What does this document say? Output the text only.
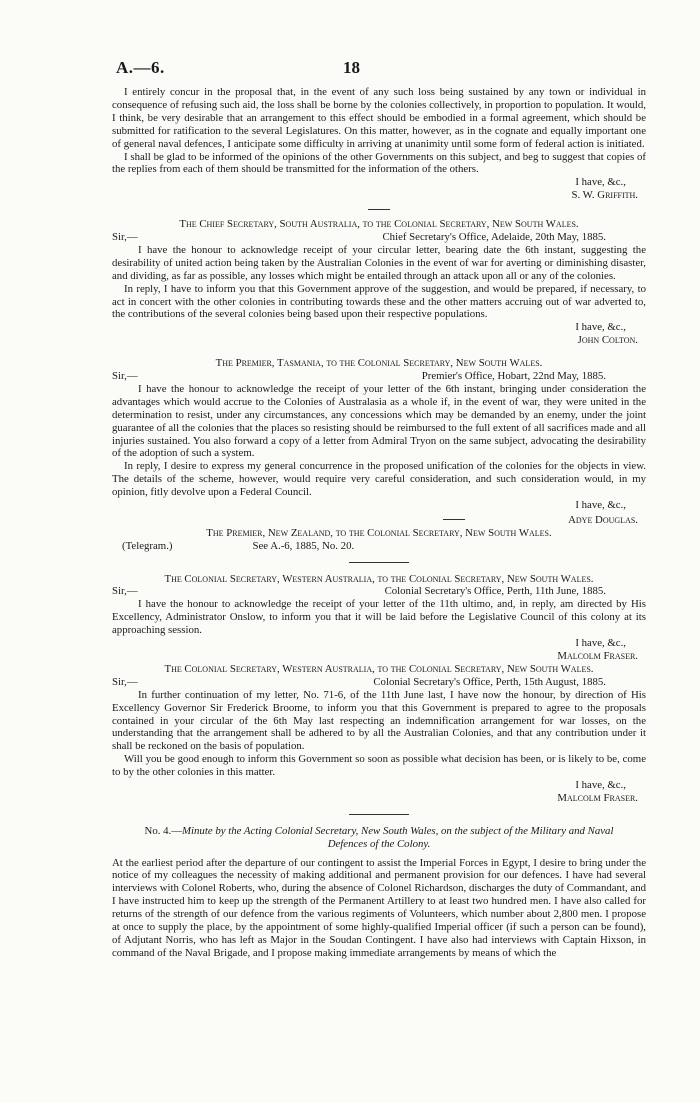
A.—6.	18

I entirely concur in the proposal that, in the event of any such loss being sustained by any town or individual in consequence of refusing such aid, the loss shall be borne by the colonies collectively, in proportion to population. It would, I think, be very desirable that an arrangement to this effect should be embodied in a formal agreement, which should be submitted for ratification to the several Legislatures. On this matter, however, as in the cognate and equally important one of general naval defences, I anticipate some difficulty in arriving at unanimity until some form of federal action is initiated.

I shall be glad to be informed of the opinions of the other Governments on this subject, and beg to suggest that copies of the replies from each of them should be transmitted for the information of the others.

I have, &c.,

S. W. Griffith.

The Chief Secretary, South Australia, to the Colonial Secretary, New South Wales.

Sir,—	Chief Secretary's Office, Adelaide, 20th May, 1885.

I have the honour to acknowledge receipt of your circular letter, bearing date the 6th instant, suggesting the desirability of united action being taken by the Australian Colonies in the event of war for averting or diminishing disaster, and dividing, as far as possible, any losses which might be entailed through an attack upon all or any of the colonies.

In reply, I have to inform you that this Government approve of the suggestion, and would be prepared, if necessary, to act in concert with the other colonies in contributing towards these and the other matters accruing out of war adverted to, the contributions of the several colonies being based upon their respective populations.

I have, &c.,

John Colton.

The Premier, Tasmania, to the Colonial Secretary, New South Wales.

Sir,—	Premier's Office, Hobart, 22nd May, 1885.

I have the honour to acknowledge the receipt of your letter of the 6th instant, bringing under consideration the advantages which would accrue to the Colonies of Australasia as a whole if, in the event of war, they were united in the determination to resist, under any circumstances, any concessions which may be demanded by an enemy, under the joint guarantee of all the colonies that the places so resisting should be reimbursed to the full extent of all sacrifices made and all injuries sustained. You also forward a copy of a letter from Admiral Tryon on the same subject, advocating the desirability of the adoption of such a system.

In reply, I desire to express my general concurrence in the proposed unification of the colonies for the objects in view. The details of the scheme, however, would require very careful consideration, and such consideration would, in my opinion, fitly devolve upon a Federal Council.

I have, &c.,

Adye Douglas.

The Premier, New Zealand, to the Colonial Secretary, New South Wales.

(Telegram.)	See A.-6, 1885, No. 20.

The Colonial Secretary, Western Australia, to the Colonial Secretary, New South Wales.

Sir,—	Colonial Secretary's Office, Perth, 11th June, 1885.

I have the honour to acknowledge the receipt of your letter of the 11th ultimo, and, in reply, am directed by His Excellency, Administrator Onslow, to inform you that it will be laid before the Legislative Council of this colony at its approaching session.

I have, &c.,

Malcolm Fraser.

The Colonial Secretary, Western Australia, to the Colonial Secretary, New South Wales.

Sir,—	Colonial Secretary's Office, Perth, 15th August, 1885.

In further continuation of my letter, No. 71-6, of the 11th June last, I have now the honour, by direction of His Excellency Governor Sir Frederick Broome, to inform you that this Government is prepared to agree to the proposals contained in your circular of the 6th May last respecting an indemnification arrangement for war losses, on the understanding that the arrangement shall be adhered to by all the Australian Colonies, and that any contribution under it shall be reckoned on the basis of population.

Will you be good enough to inform this Government so soon as possible what decision has been, or is likely to be, come to by the other colonies in this matter.

I have, &c.,

Malcolm Fraser.

No. 4.—Minute by the Acting Colonial Secretary, New South Wales, on the subject of the Military and Naval Defences of the Colony.

At the earliest period after the departure of our contingent to assist the Imperial Forces in Egypt, I desire to bring under the notice of my colleagues the necessity of making additional and permanent provision for our defences. I have had several interviews with Colonel Roberts, who, during the absence of Colonel Richardson, discharges the duty of Commandant, and I have instructed him to keep up the strength of the Permanent Artillery to at least two hundred men. I have also called for returns of the strength of our defence from the various regiments of Volunteers, which number about 2,800 men. I propose at once to supply the place, by the appointment of some highly-qualified Imperial officer (if such a person can be found), of Adjutant Norris, who has left as Major in the Soudan Contingent. I have also had interviews with Captain Hixson, in command of the Naval Brigade, and I propose making immediate arrangements by means of which the
